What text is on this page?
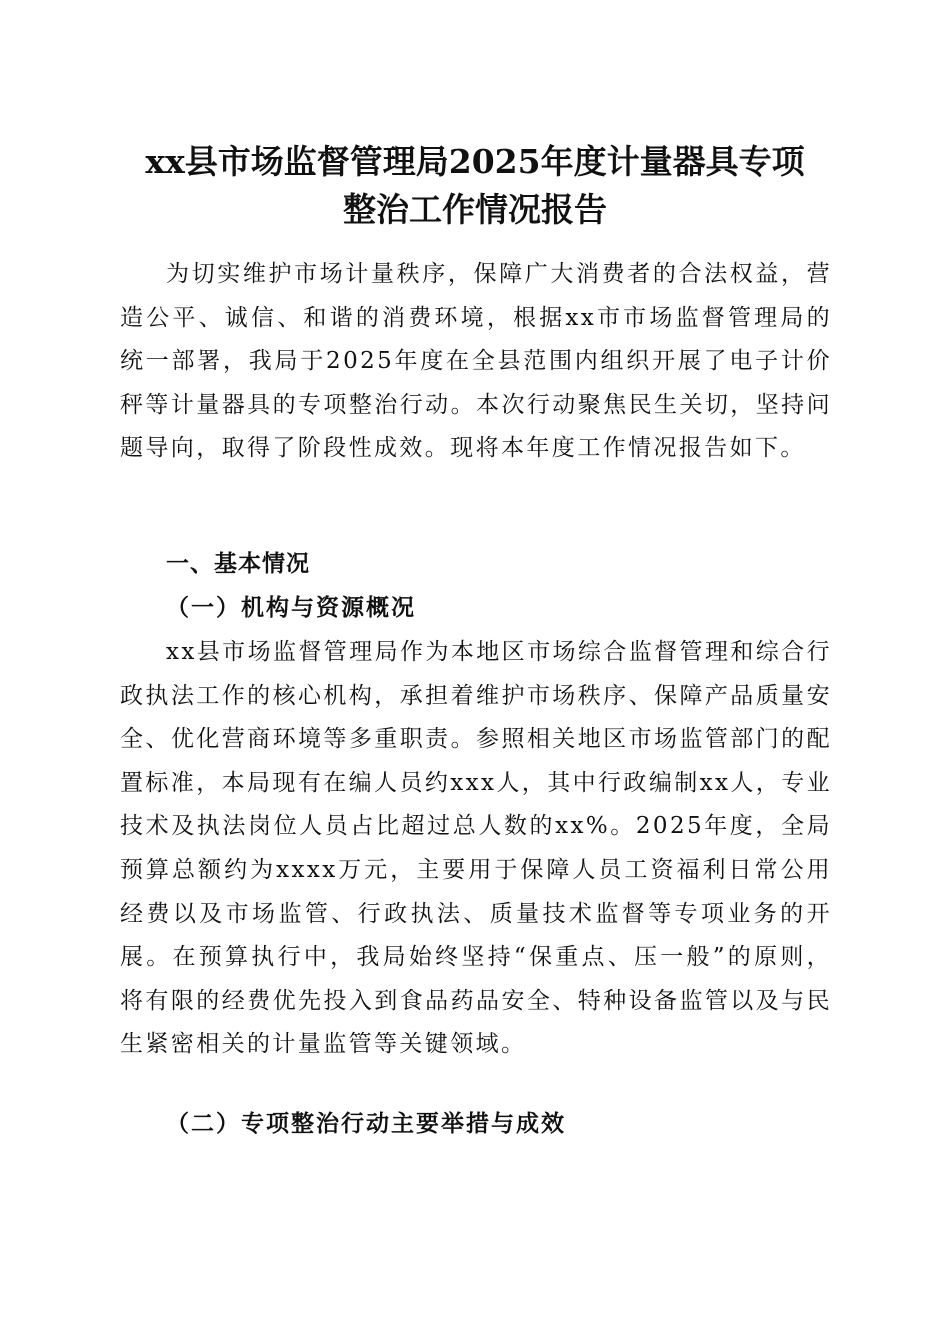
xx县市场监督管理局2025年度计量器具专项
整治工作情况报告

为切实维护市场计量秩序，保障广大消费者的合法权益，营造公平、诚信、和谐的消费环境，根据xx市市场监督管理局的统一部署，我局于2025年度在全县范围内组织开展了电子计价秤等计量器具的专项整治行动。本次行动聚焦民生关切，坚持问题导向，取得了阶段性成效。现将本年度工作情况报告如下。

一、基本情况
（一）机构与资源概况

xx县市场监督管理局作为本地区市场综合监督管理和综合行政执法工作的核心机构，承担着维护市场秩序、保障产品质量安全、优化营商环境等多重职责。参照相关地区市场监管部门的配置标准，本局现有在编人员约xxx人，其中行政编制xx人，专业技术及执法岗位人员占比超过总人数的xx%。2025年度，全局预算总额约为xxxx万元，主要用于保障人员工资福利日常公用经费以及市场监管、行政执法、质量技术监督等专项业务的开展。在预算执行中，我局始终坚持“保重点、压一般”的原则，将有限的经费优先投入到食品药品安全、特种设备监管以及与民生紧密相关的计量监管等关键领域。

（二）专项整治行动主要举措与成效
